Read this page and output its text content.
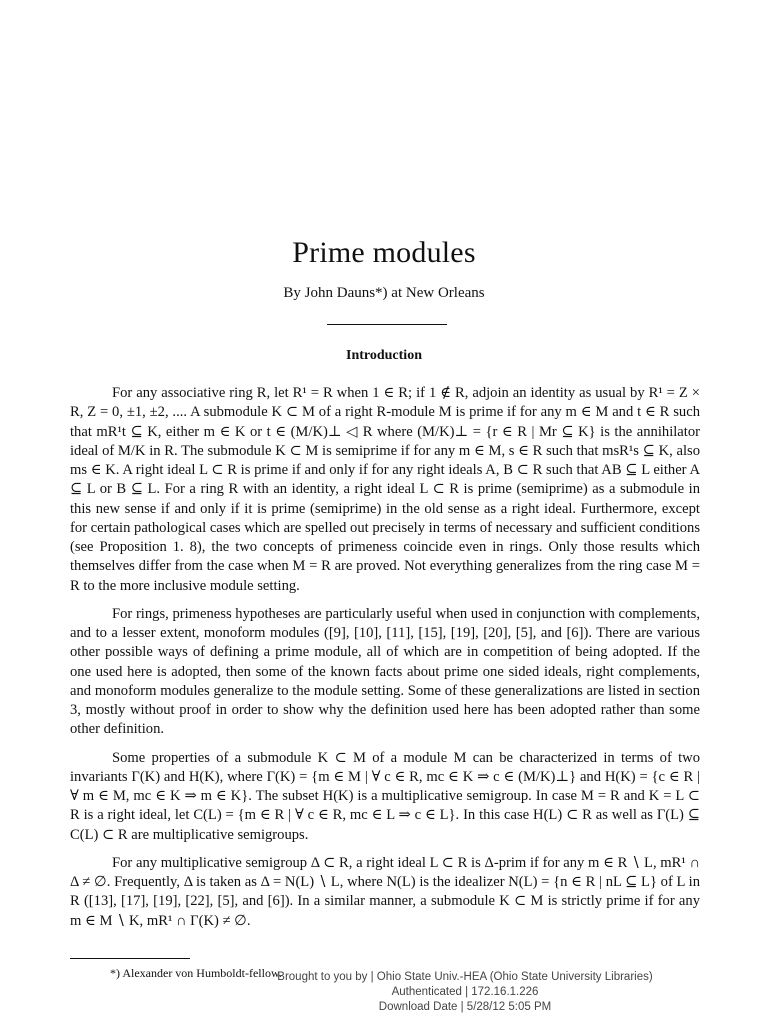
Prime modules
By John Dauns*) at New Orleans
Introduction

For any associative ring R, let R¹ = R when 1 ∈ R; if 1 ∉ R, adjoin an identity as usual by R¹ = Z × R, Z = 0, ±1, ±2, .... A submodule K ⊂ M of a right R-module M is prime if for any m ∈ M and t ∈ R such that mR¹t ⊆ K, either m ∈ K or t ∈ (M/K)⊥ ◁ R where (M/K)⊥ = {r ∈ R | Mr ⊆ K} is the annihilator ideal of M/K in R. The submodule K ⊂ M is semiprime if for any m ∈ M, s ∈ R such that msR¹s ⊆ K, also ms ∈ K. A right ideal L ⊂ R is prime if and only if for any right ideals A, B ⊂ R such that AB ⊆ L either A ⊆ L or B ⊆ L. For a ring R with an identity, a right ideal L ⊂ R is prime (semiprime) as a submodule in this new sense if and only if it is prime (semiprime) in the old sense as a right ideal. Furthermore, except for certain pathological cases which are spelled out precisely in terms of necessary and sufficient conditions (see Proposition 1. 8), the two concepts of primeness coincide even in rings. Only those results which themselves differ from the case when M = R are proved. Not everything generalizes from the ring case M = R to the more inclusive module setting.

For rings, primeness hypotheses are particularly useful when used in conjunction with complements, and to a lesser extent, monoform modules ([9], [10], [11], [15], [19], [20], [5], and [6]). There are various other possible ways of defining a prime module, all of which are in competition of being adopted. If the one used here is adopted, then some of the known facts about prime one sided ideals, right complements, and monoform modules generalize to the module setting. Some of these generalizations are listed in section 3, mostly without proof in order to show why the definition used here has been adopted rather than some other definition.

Some properties of a submodule K ⊂ M of a module M can be characterized in terms of two invariants Γ(K) and H(K), where Γ(K) = {m ∈ M | ∀ c ∈ R, mc ∈ K ⇒ c ∈ (M/K)⊥} and H(K) = {c ∈ R | ∀ m ∈ M, mc ∈ K ⇒ m ∈ K}. The subset H(K) is a multiplicative semigroup. In case M = R and K = L ⊂ R is a right ideal, let C(L) = {m ∈ R | ∀ c ∈ R, mc ∈ L ⇒ c ∈ L}. In this case H(L) ⊂ R as well as Γ(L) ⊆ C(L) ⊂ R are multiplicative semigroups.

For any multiplicative semigroup Δ ⊂ R, a right ideal L ⊂ R is Δ-prim if for any m ∈ R ∖ L, mR¹ ∩ Δ ≠ ∅. Frequently, Δ is taken as Δ = N(L) ∖ L, where N(L) is the idealizer N(L) = {n ∈ R | nL ⊆ L} of L in R ([13], [17], [19], [22], [5], and [6]). In a similar manner, a submodule K ⊂ M is strictly prime if for any m ∈ M ∖ K, mR¹ ∩ Γ(K) ≠ ∅.

*) Alexander von Humboldt-fellow.
Brought to you by | Ohio State Univ.-HEA (Ohio State University Libraries)
Authenticated | 172.16.1.226
Download Date | 5/28/12 5:05 PM
